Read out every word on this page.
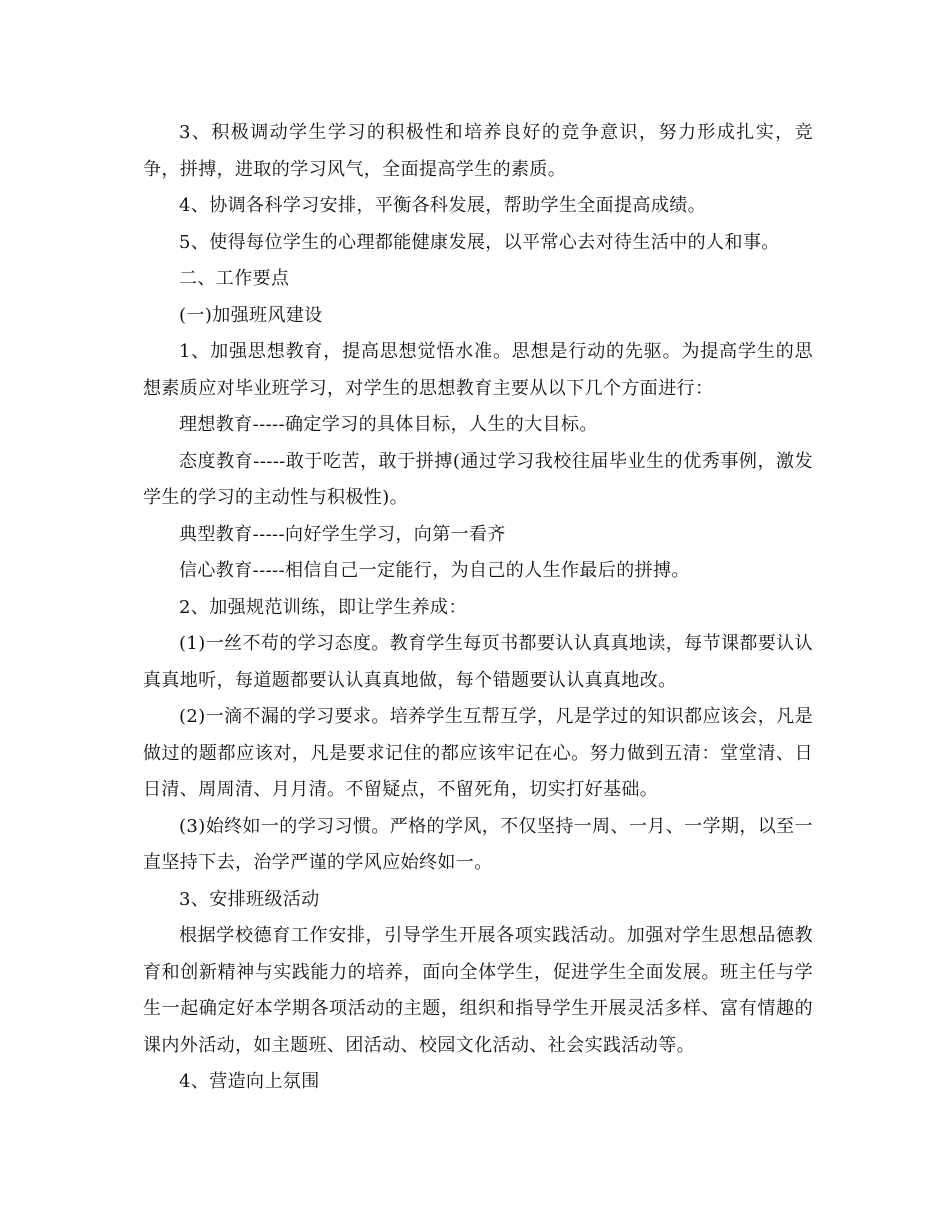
3、积极调动学生学习的积极性和培养良好的竞争意识，努力形成扎实，竞争，拼搏，进取的学习风气，全面提高学生的素质。

4、协调各科学习安排，平衡各科发展，帮助学生全面提高成绩。

5、使得每位学生的心理都能健康发展，以平常心去对待生活中的人和事。

二、工作要点

(一)加强班风建设

1、加强思想教育，提高思想觉悟水准。思想是行动的先驱。为提高学生的思想素质应对毕业班学习，对学生的思想教育主要从以下几个方面进行：

理想教育-----确定学习的具体目标，人生的大目标。

态度教育-----敢于吃苦，敢于拼搏(通过学习我校往届毕业生的优秀事例，激发学生的学习的主动性与积极性)。

典型教育-----向好学生学习，向第一看齐

信心教育-----相信自己一定能行，为自己的人生作最后的拼搏。

2、加强规范训练，即让学生养成：

(1)一丝不苟的学习态度。教育学生每页书都要认认真真地读，每节课都要认认真真地听，每道题都要认认真真地做，每个错题要认认真真地改。

(2)一滴不漏的学习要求。培养学生互帮互学，凡是学过的知识都应该会，凡是做过的题都应该对，凡是要求记住的都应该牢记在心。努力做到五清：堂堂清、日日清、周周清、月月清。不留疑点，不留死角，切实打好基础。

(3)始终如一的学习习惯。严格的学风，不仅坚持一周、一月、一学期，以至一直坚持下去，治学严谨的学风应始终如一。

3、安排班级活动

根据学校德育工作安排，引导学生开展各项实践活动。加强对学生思想品德教育和创新精神与实践能力的培养，面向全体学生，促进学生全面发展。班主任与学生一起确定好本学期各项活动的主题，组织和指导学生开展灵活多样、富有情趣的课内外活动，如主题班、团活动、校园文化活动、社会实践活动等。

4、营造向上氛围
